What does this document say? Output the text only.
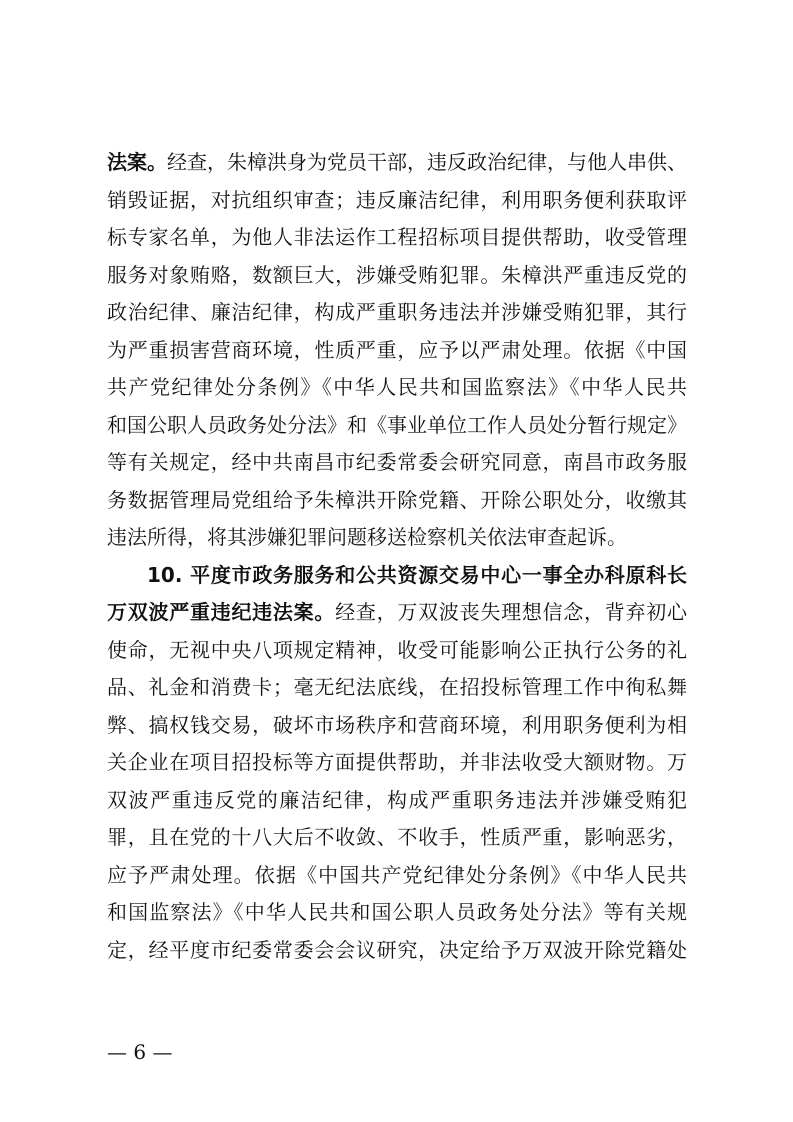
法案。经查，朱樟洪身为党员干部，违反政治纪律，与他人串供、
销毁证据，对抗组织审查；违反廉洁纪律，利用职务便利获取评
标专家名单，为他人非法运作工程招标项目提供帮助，收受管理
服务对象贿赂，数额巨大，涉嫌受贿犯罪。朱樟洪严重违反党的
政治纪律、廉洁纪律，构成严重职务违法并涉嫌受贿犯罪，其行
为严重损害营商环境，性质严重，应予以严肃处理。依据《中国
共产党纪律处分条例》《中华人民共和国监察法》《中华人民共
和国公职人员政务处分法》和《事业单位工作人员处分暂行规定》
等有关规定，经中共南昌市纪委常委会研究同意，南昌市政务服
务数据管理局党组给予朱樟洪开除党籍、开除公职处分，收缴其
违法所得，将其涉嫌犯罪问题移送检察机关依法审查起诉。
10. 平度市政务服务和公共资源交易中心一事全办科原科长
万双波严重违纪违法案。经查，万双波丧失理想信念，背弃初心
使命，无视中央八项规定精神，收受可能影响公正执行公务的礼
品、礼金和消费卡；毫无纪法底线，在招投标管理工作中徇私舞
弊、搞权钱交易，破坏市场秩序和营商环境，利用职务便利为相
关企业在项目招投标等方面提供帮助，并非法收受大额财物。万
双波严重违反党的廉洁纪律，构成严重职务违法并涉嫌受贿犯
罪，且在党的十八大后不收敛、不收手，性质严重，影响恶劣，
应予严肃处理。依据《中国共产党纪律处分条例》《中华人民共
和国监察法》《中华人民共和国公职人员政务处分法》等有关规
定，经平度市纪委常委会会议研究，决定给予万双波开除党籍处
— 6 —
